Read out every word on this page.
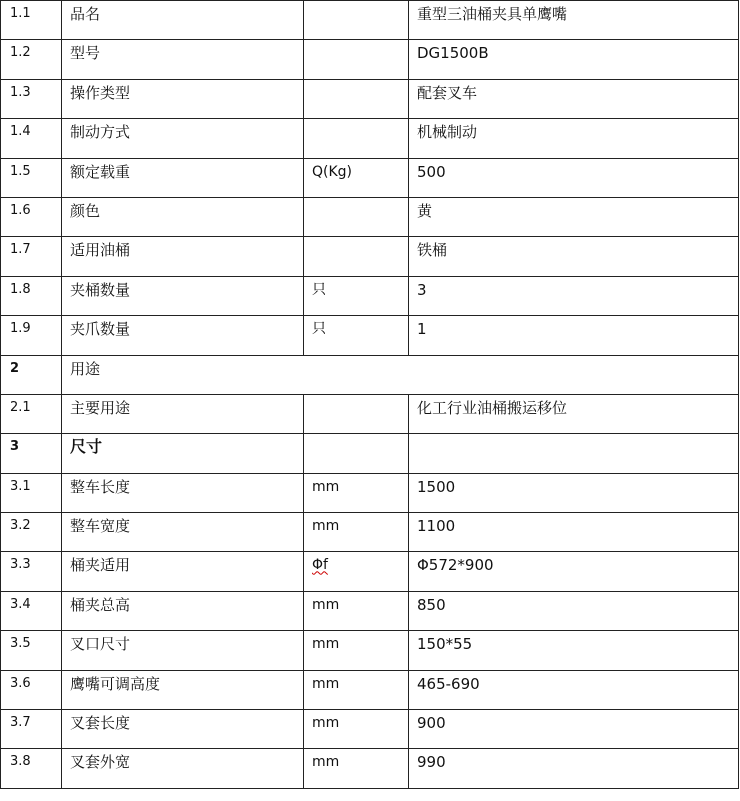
1.1	品名		重型三油桶夹具单鹰嘴
1.2	型号		DG1500B
1.3	操作类型		配套叉车
1.4	制动方式		机械制动
1.5	额定载重	Q(Kg)	500
1.6	颜色		黄
1.7	适用油桶		铁桶
1.8	夹桶数量	只	3
1.9	夹爪数量	只	1
2	用途		
2.1	主要用途		化工行业油桶搬运移位
3	尺寸		
3.1	整车长度	mm	1500
3.2	整车宽度	mm	1100
3.3	桶夹适用	Φf	Φ572*900
3.4	桶夹总高	mm	850
3.5	叉口尺寸	mm	150*55
3.6	鹰嘴可调高度	mm	465-690
3.7	叉套长度	mm	900
3.8	叉套外宽	mm	990
